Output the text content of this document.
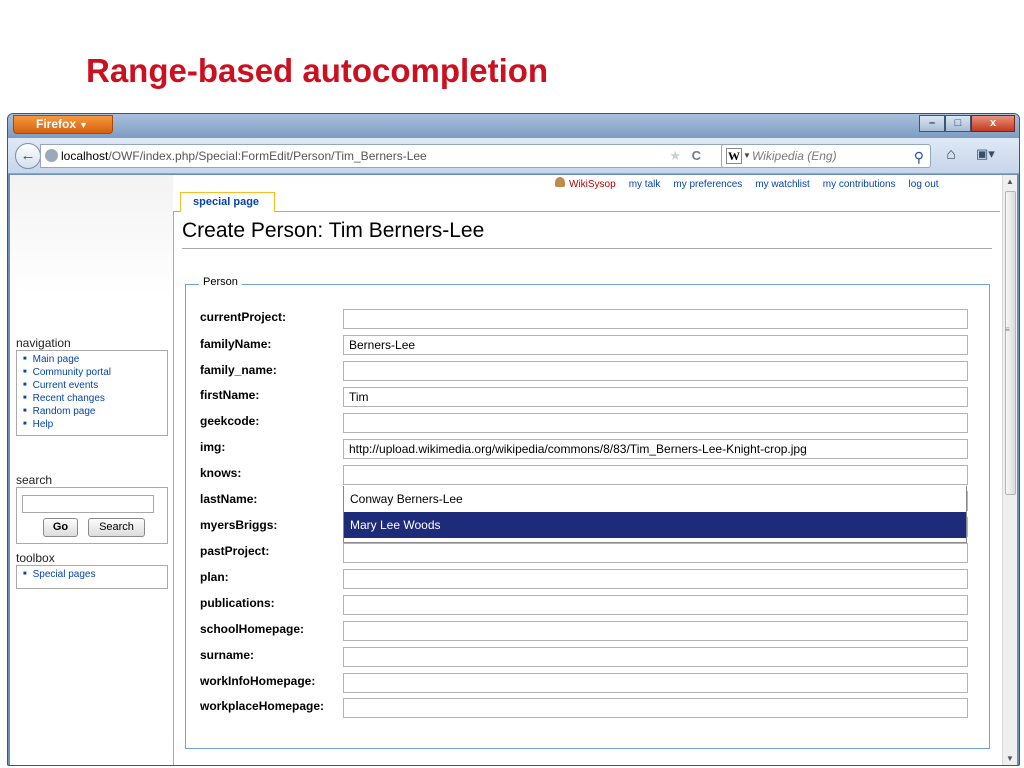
Range-based autocompletion
Firefox ▼	–	□	x
←	localhost/OWF/index.php/Special:FormEdit/Person/Tim_Berners-Lee	★ C W ▼ Wikipedia (Eng)	⚲	⌂	▣▾
navigation
■ Main page
■ Community portal
■ Current events
■ Recent changes
■ Random page
■ Help
search
Go	Search
toolbox
■ Special pages
WikiSysop my talk my preferences my watchlist my contributions log out
special page
Create Person: Tim Berners-Lee
Person
currentProject:
familyName:	Berners-Lee
family_name:
firstName:	Tim
geekcode:
img:	http://upload.wikimedia.org/wikipedia/commons/8/83/Tim_Berners-Lee-Knight-crop.jpg
knows:
lastName:
myersBriggs:
pastProject:
plan:
publications:
schoolHomepage:
surname:
workInfoHomepage:
workplaceHomepage:
Conway Berners-Lee
Mary Lee Woods
▲
≡
▼
